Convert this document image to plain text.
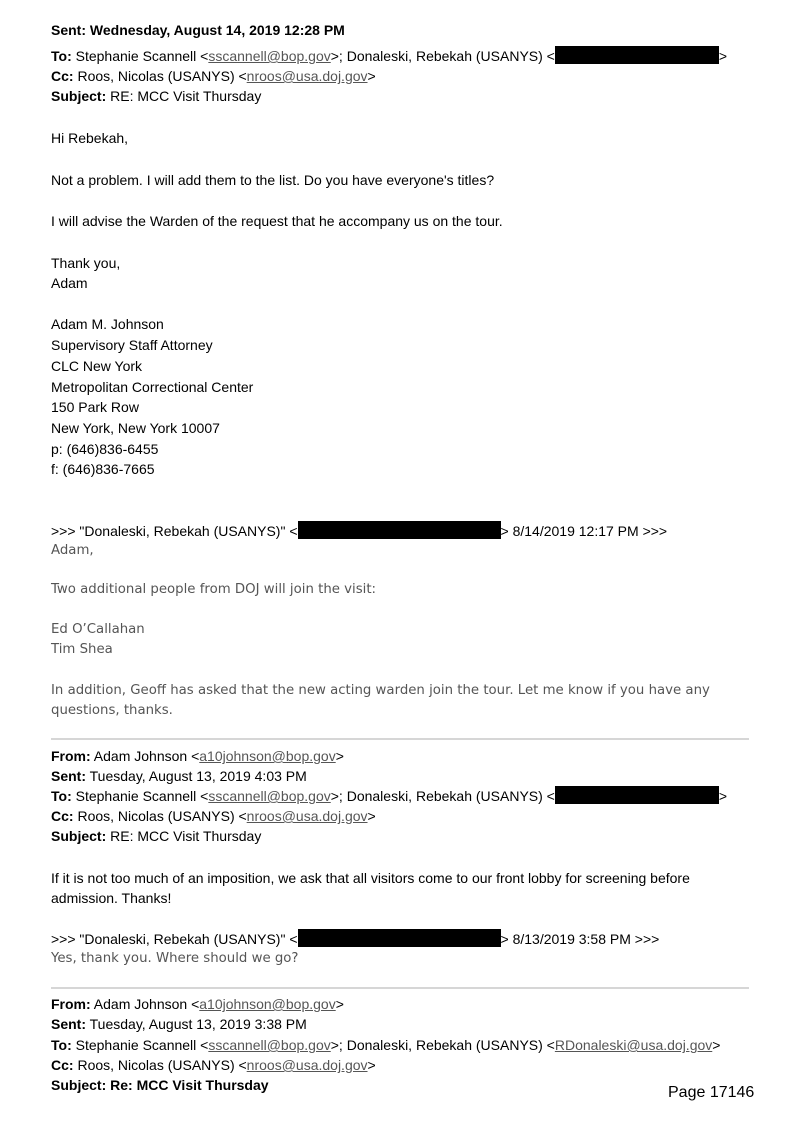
Sent: Wednesday, August 14, 2019 12:28 PM
To: Stephanie Scannell <sscannell@bop.gov>; Donaleski, Rebekah (USANYS) <	>
Cc: Roos, Nicolas (USANYS) <nroos@usa.doj.gov>
Subject: RE: MCC Visit Thursday
Hi Rebekah,
Not a problem. I will add them to the list. Do you have everyone's titles?
I will advise the Warden of the request that he accompany us on the tour.
Thank you,
Adam
Adam M. Johnson
Supervisory Staff Attorney
CLC New York
Metropolitan Correctional Center
150 Park Row
New York, New York 10007
p: (646)836-6455
f: (646)836-7665
>>> "Donaleski, Rebekah (USANYS)" <	> 8/14/2019 12:17 PM >>>
Adam,
Two additional people from DOJ will join the visit:
Ed O’Callahan
Tim Shea
In addition, Geoff has asked that the new acting warden join the tour. Let me know if you have any
questions, thanks.
From: Adam Johnson <a10johnson@bop.gov>
Sent: Tuesday, August 13, 2019 4:03 PM
To: Stephanie Scannell <sscannell@bop.gov>; Donaleski, Rebekah (USANYS) <	>
Cc: Roos, Nicolas (USANYS) <nroos@usa.doj.gov>
Subject: RE: MCC Visit Thursday
If it is not too much of an imposition, we ask that all visitors come to our front lobby for screening before
admission. Thanks!
>>> "Donaleski, Rebekah (USANYS)" <	> 8/13/2019 3:58 PM >>>
Yes, thank you. Where should we go?
From: Adam Johnson <a10johnson@bop.gov>
Sent: Tuesday, August 13, 2019 3:38 PM
To: Stephanie Scannell <sscannell@bop.gov>; Donaleski, Rebekah (USANYS) <RDonaleski@usa.doj.gov>
Cc: Roos, Nicolas (USANYS) <nroos@usa.doj.gov>
Subject: Re: MCC Visit Thursday	Page 17146
